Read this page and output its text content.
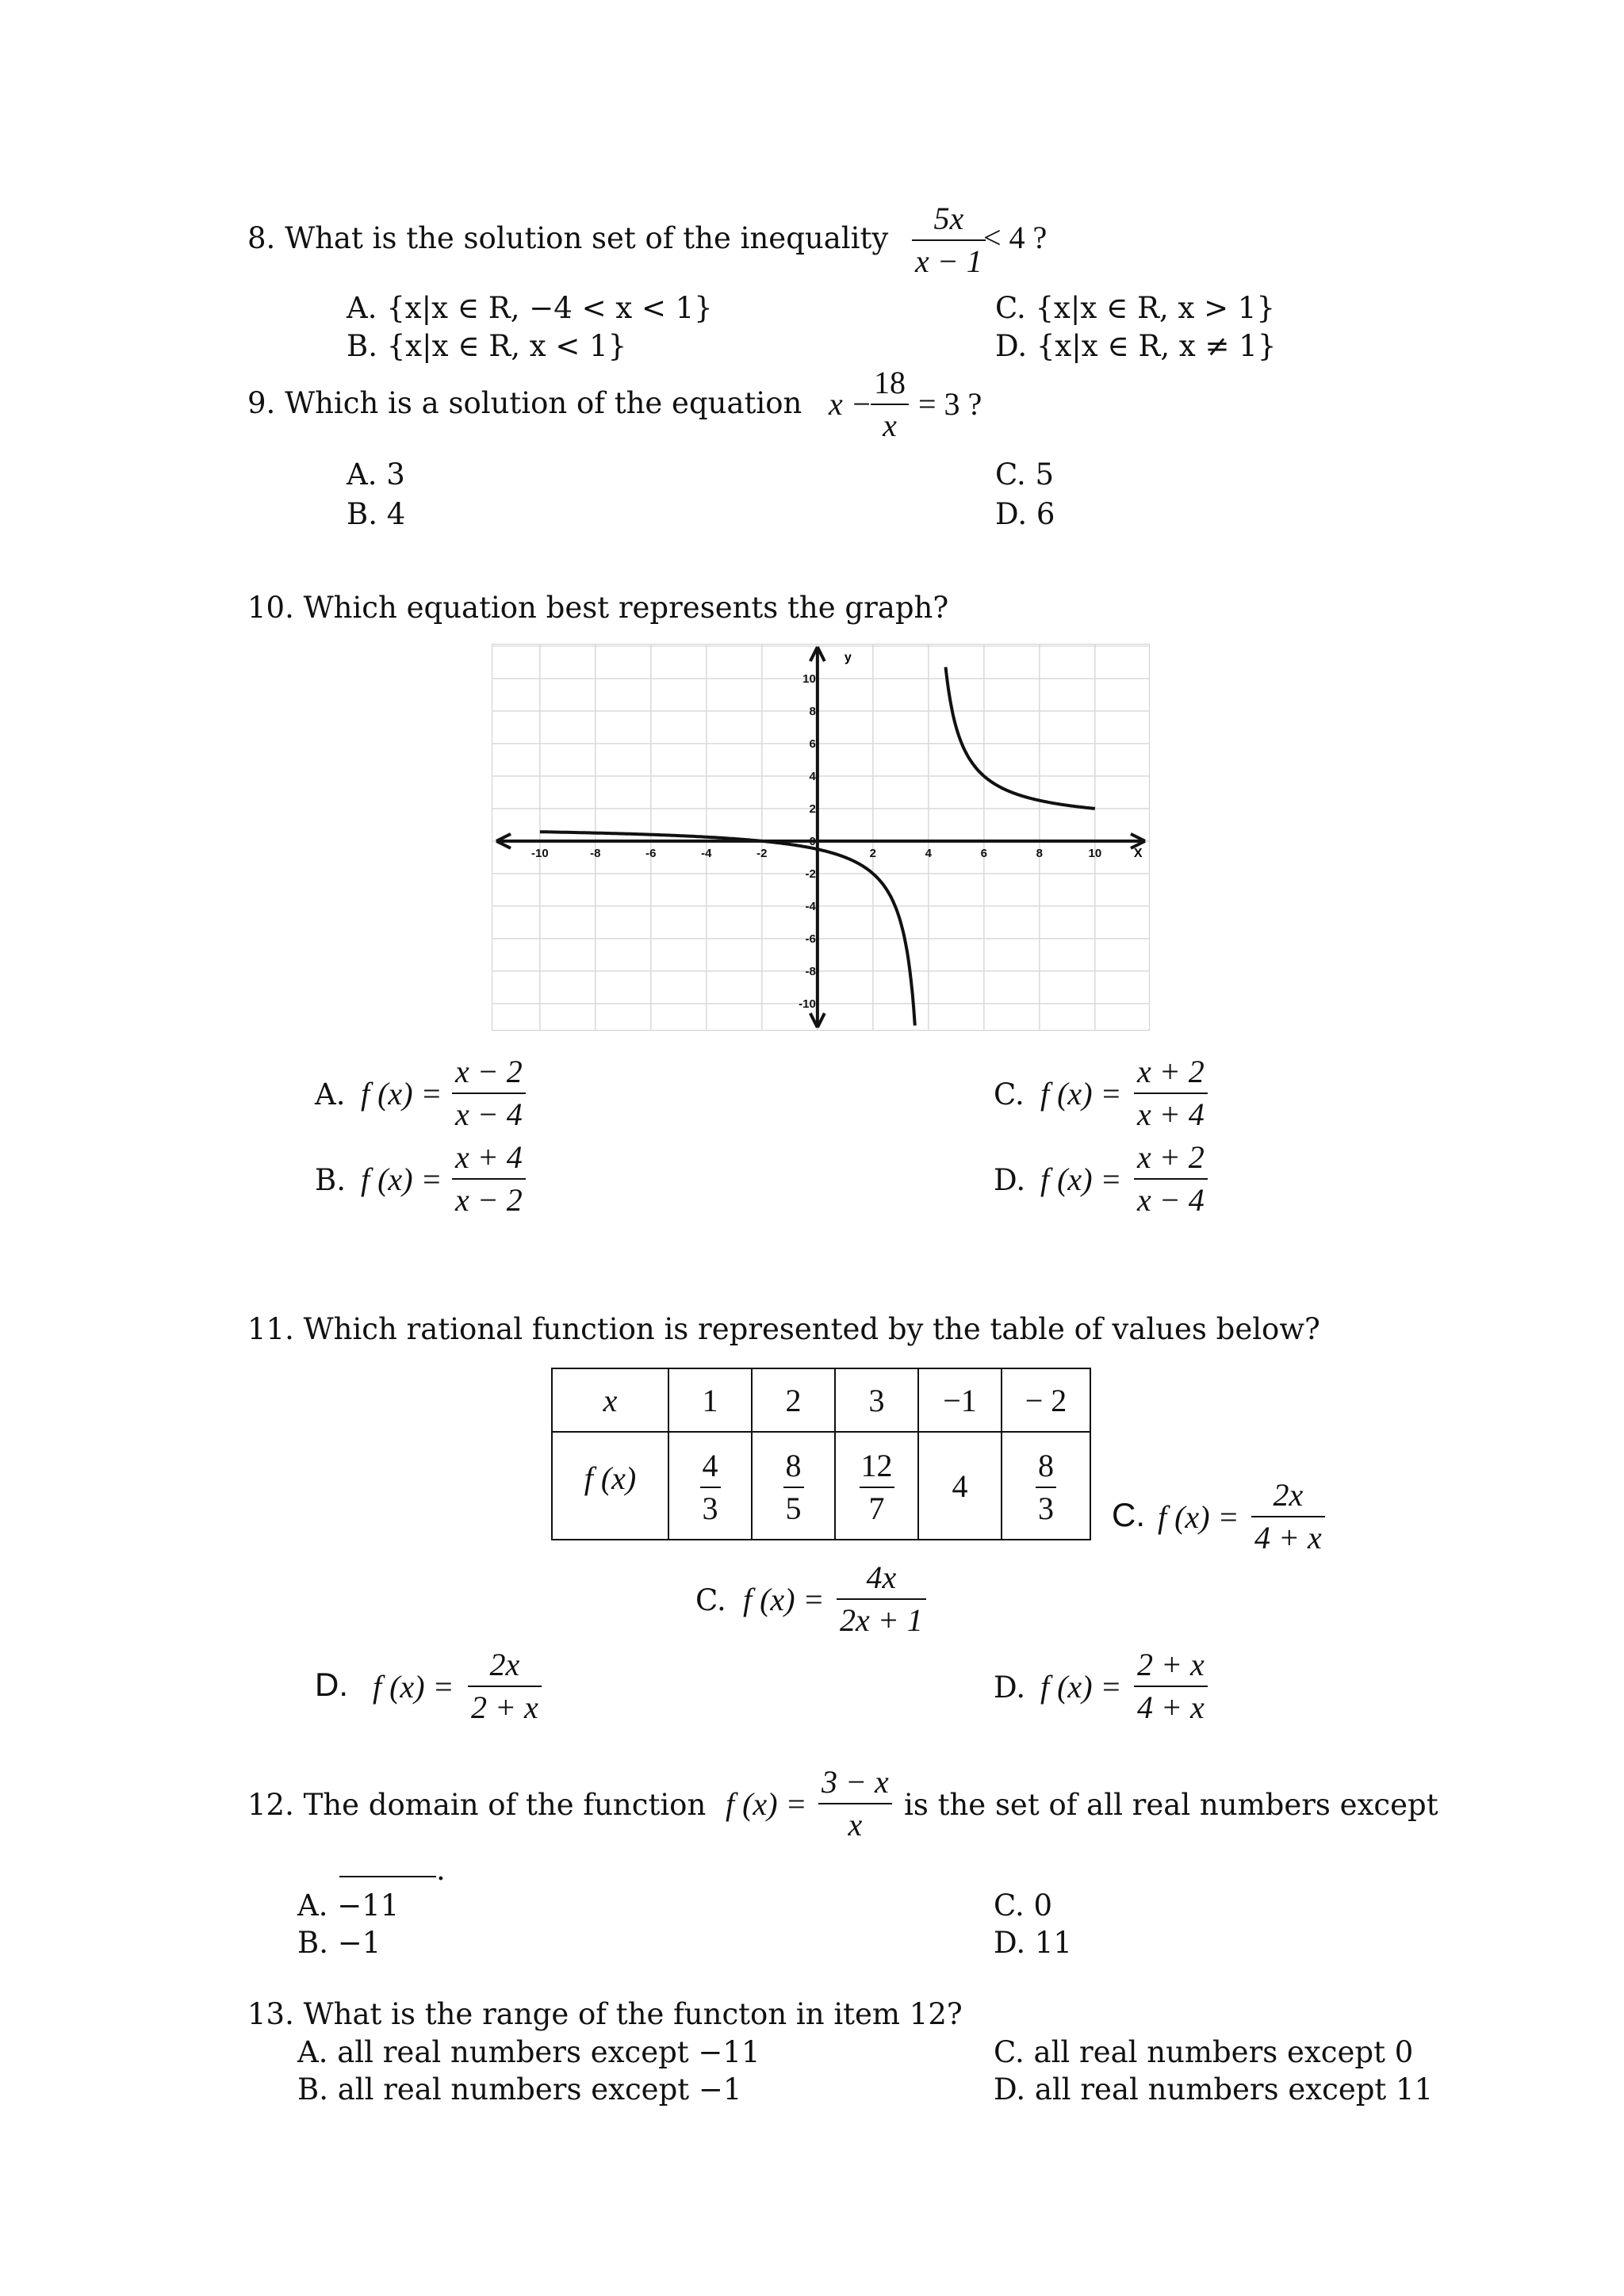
8. What is the solution set of the inequality
5x
x − 1
< 4 ?
A. {x|x ∈ R, −4 < x < 1}
B. {x|x ∈ R, x < 1}
C. {x|x ∈ R, x > 1}
D. {x|x ∈ R, x ≠ 1}
9. Which is a solution of the equation x −
18
x
= 3 ?
A. 3
B. 4
C. 5
D. 6
10. Which equation best represents the graph?
-10	-8	-6	-4	-2	2	4	6	8	10
10
8
6
4
2
0
-2
-4
-6
-8
-10
y
X
A. f (x) =
x − 2
x − 4
B. f (x) =
x + 4
x − 2
C. f (x) =
x + 2
x + 4
D. f (x) =
x + 2
x − 4
11. Which rational function is represented by the table of values below?
x	1	2	3	−1	− 2
f (x)	$\frac{4}{3}$	$\frac{8}{5}$	$\frac{12}{7}$	4	$\frac{8}{3} C$. f (x) =
2x
4 + x
C. f (x) =
4x
2x + 1
D. f (x) =
2x
2 + x
D. f (x) =
2 + x
4 + x
12. The domain of the function f (x) =
3 − x
x
is the set of all real numbers except
.
A. −11
B. −1
C. 0
D. 11
13. What is the range of the functon in item 12?
A. all real numbers except −11
B. all real numbers except −1
C. all real numbers except 0
D. all real numbers except 11
